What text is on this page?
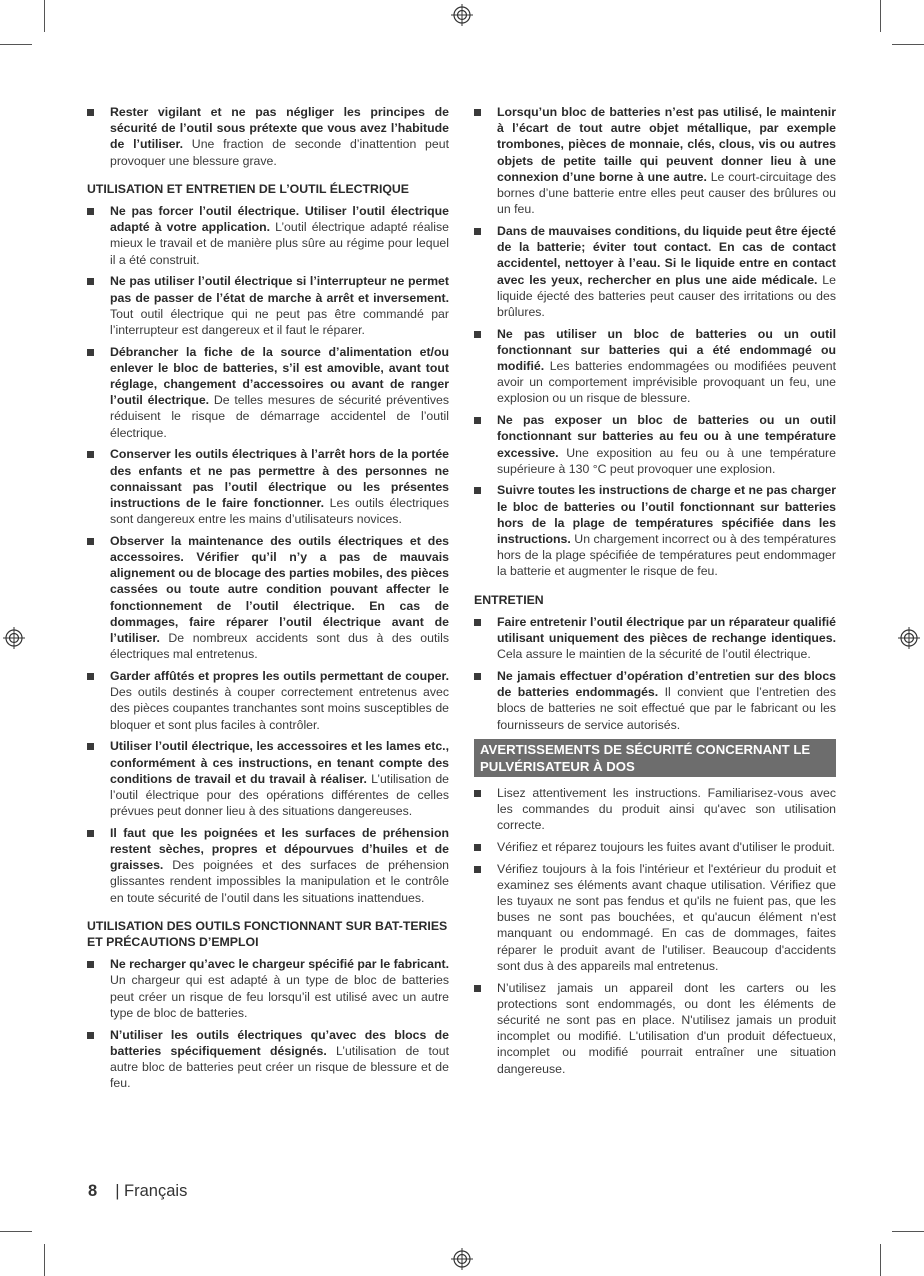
Rester vigilant et ne pas négliger les principes de sécurité de l’outil sous prétexte que vous avez l’habitude de l’utiliser. Une fraction de seconde d’inattention peut provoquer une blessure grave.
UTILISATION ET ENTRETIEN DE L’OUTIL ÉLECTRIQUE
Ne pas forcer l’outil électrique. Utiliser l’outil électrique adapté à votre application. L’outil électrique adapté réalise mieux le travail et de manière plus sûre au régime pour lequel il a été construit.
Ne pas utiliser l’outil électrique si l’interrupteur ne permet pas de passer de l’état de marche à arrêt et inversement. Tout outil électrique qui ne peut pas être commandé par l’interrupteur est dangereux et il faut le réparer.
Débrancher la fiche de la source d’alimentation et/ou enlever le bloc de batteries, s’il est amovible, avant tout réglage, changement d’accessoires ou avant de ranger l’outil électrique. De telles mesures de sécurité préventives réduisent le risque de démarrage accidentel de l’outil électrique.
Conserver les outils électriques à l’arrêt hors de la portée des enfants et ne pas permettre à des personnes ne connaissant pas l’outil électrique ou les présentes instructions de le faire fonctionner. Les outils électriques sont dangereux entre les mains d’utilisateurs novices.
Observer la maintenance des outils électriques et des accessoires. Vérifier qu’il n’y a pas de mauvais alignement ou de blocage des parties mobiles, des pièces cassées ou toute autre condition pouvant affecter le fonctionnement de l’outil électrique. En cas de dommages, faire réparer l’outil électrique avant de l’utiliser. De nombreux accidents sont dus à des outils électriques mal entretenus.
Garder affûtés et propres les outils permettant de couper. Des outils destinés à couper correctement entretenus avec des pièces coupantes tranchantes sont moins susceptibles de bloquer et sont plus faciles à contrôler.
Utiliser l’outil électrique, les accessoires et les lames etc., conformément à ces instructions, en tenant compte des conditions de travail et du travail à réaliser. L’utilisation de l’outil électrique pour des opérations différentes de celles prévues peut donner lieu à des situations dangereuses.
Il faut que les poignées et les surfaces de préhension restent sèches, propres et dépourvues d’huiles et de graisses. Des poignées et des surfaces de préhension glissantes rendent impossibles la manipulation et le contrôle en toute sécurité de l’outil dans les situations inattendues.
UTILISATION DES OUTILS FONCTIONNANT SUR BAT-TERIES ET PRÉCAUTIONS D’EMPLOI
Ne recharger qu’avec le chargeur spécifié par le fabricant. Un chargeur qui est adapté à un type de bloc de batteries peut créer un risque de feu lorsqu’il est utilisé avec un autre type de bloc de batteries.
N’utiliser les outils électriques qu’avec des blocs de batteries spécifiquement désignés. L’utilisation de tout autre bloc de batteries peut créer un risque de blessure et de feu.
Lorsqu’un bloc de batteries n’est pas utilisé, le maintenir à l’écart de tout autre objet métallique, par exemple trombones, pièces de monnaie, clés, clous, vis ou autres objets de petite taille qui peuvent donner lieu à une connexion d’une borne à une autre. Le court-circuitage des bornes d’une batterie entre elles peut causer des brûlures ou un feu.
Dans de mauvaises conditions, du liquide peut être éjecté de la batterie; éviter tout contact. En cas de contact accidentel, nettoyer à l’eau. Si le liquide entre en contact avec les yeux, rechercher en plus une aide médicale. Le liquide éjecté des batteries peut causer des irritations ou des brûlures.
Ne pas utiliser un bloc de batteries ou un outil fonctionnant sur batteries qui a été endommagé ou modifié. Les batteries endommagées ou modifiées peuvent avoir un comportement imprévisible provoquant un feu, une explosion ou un risque de blessure.
Ne pas exposer un bloc de batteries ou un outil fonctionnant sur batteries au feu ou à une température excessive. Une exposition au feu ou à une température supérieure à 130 °C peut provoquer une explosion.
Suivre toutes les instructions de charge et ne pas charger le bloc de batteries ou l’outil fonctionnant sur batteries hors de la plage de températures spécifiée dans les instructions. Un chargement incorrect ou à des températures hors de la plage spécifiée de températures peut endommager la batterie et augmenter le risque de feu.
ENTRETIEN
Faire entretenir l’outil électrique par un réparateur qualifié utilisant uniquement des pièces de rechange identiques. Cela assure le maintien de la sécurité de l’outil électrique.
Ne jamais effectuer d’opération d’entretien sur des blocs de batteries endommagés. Il convient que l’entretien des blocs de batteries ne soit effectué que par le fabricant ou les fournisseurs de service autorisés.
AVERTISSEMENTS DE SÉCURITÉ CONCERNANT LE PULVÉRISATEUR À DOS
Lisez attentivement les instructions. Familiarisez-vous avec les commandes du produit ainsi qu'avec son utilisation correcte.
Vérifiez et réparez toujours les fuites avant d'utiliser le produit.
Vérifiez toujours à la fois l'intérieur et l'extérieur du produit et examinez ses éléments avant chaque utilisation. Vérifiez que les tuyaux ne sont pas fendus et qu'ils ne fuient pas, que les buses ne sont pas bouchées, et qu'aucun élément n'est manquant ou endommagé. En cas de dommages, faites réparer le produit avant de l'utiliser. Beaucoup d'accidents sont dus à des appareils mal entretenus.
N’utilisez jamais un appareil dont les carters ou les protections sont endommagés, ou dont les éléments de sécurité ne sont pas en place. N'utilisez jamais un produit incomplet ou modifié. L'utilisation d'un produit défectueux, incomplet ou modifié pourrait entraîner une situation dangereuse.
8 | Français
